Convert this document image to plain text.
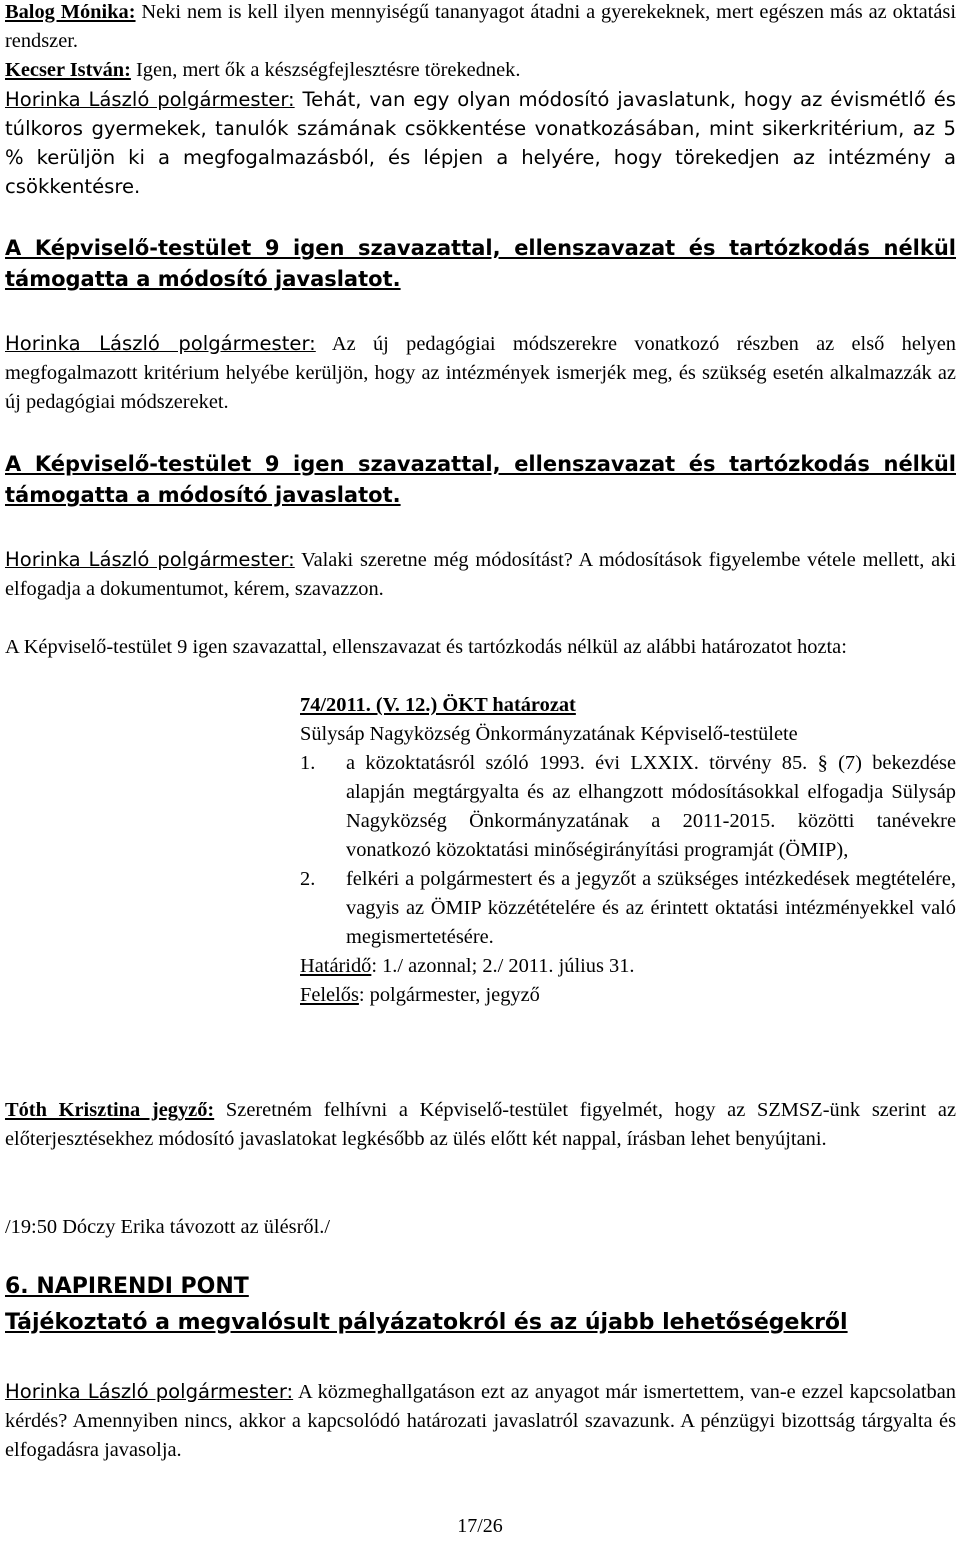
Balog Mónika: Neki nem is kell ilyen mennyiségű tananyagot átadni a gyerekeknek, mert egészen más az oktatási rendszer.

Kecser István: Igen, mert ők a készségfejlesztésre törekednek.

Horinka László polgármester: Tehát, van egy olyan módosító javaslatunk, hogy az évismétlő és túlkoros gyermekek, tanulók számának csökkentése vonatkozásában, mint sikerkritérium, az 5 % kerüljön ki a megfogalmazásból, és lépjen a helyére, hogy törekedjen az intézmény a csökkentésre.

A Képviselő-testület 9 igen szavazattal, ellenszavazat és tartózkodás nélkül támogatta a módosító javaslatot.

Horinka László polgármester: Az új pedagógiai módszerekre vonatkozó részben az első helyen megfogalmazott kritérium helyébe kerüljön, hogy az intézmények ismerjék meg, és szükség esetén alkalmazzák az új pedagógiai módszereket.

A Képviselő-testület 9 igen szavazattal, ellenszavazat és tartózkodás nélkül támogatta a módosító javaslatot.

Horinka László polgármester: Valaki szeretne még módosítást? A módosítások figyelembe vétele mellett, aki elfogadja a dokumentumot, kérem, szavazzon.

A Képviselő-testület 9 igen szavazattal, ellenszavazat és tartózkodás nélkül az alábbi határozatot hozta:

74/2011. (V. 12.) ÖKT határozat

Sülysáp Nagyközség Önkormányzatának Képviselő-testülete

1. a közoktatásról szóló 1993. évi LXXIX. törvény 85. § (7) bekezdése alapján megtárgyalta és az elhangzott módosításokkal elfogadja Sülysáp Nagyközség Önkormányzatának a 2011-2015. közötti tanévekre vonatkozó közoktatási minőségirányítási programját (ÖMIP),
2. felkéri a polgármestert és a jegyzőt a szükséges intézkedések megtételére, vagyis az ÖMIP közzétételére és az érintett oktatási intézményekkel való megismertetésére.

Határidő: 1./ azonnal; 2./ 2011. július 31.

Felelős: polgármester, jegyző

Tóth Krisztina jegyző: Szeretném felhívni a Képviselő-testület figyelmét, hogy az SZMSZ-ünk szerint az előterjesztésekhez módosító javaslatokat legkésőbb az ülés előtt két nappal, írásban lehet benyújtani.

/19:50 Dóczy Erika távozott az ülésről./

6. NAPIRENDI PONT
Tájékoztató a megvalósult pályázatokról és az újabb lehetőségekről

Horinka László polgármester: A közmeghallgatáson ezt az anyagot már ismertettem, van-e ezzel kapcsolatban kérdés? Amennyiben nincs, akkor a kapcsolódó határozati javaslatról szavazunk. A pénzügyi bizottság tárgyalta és elfogadásra javasolja.

17/26
